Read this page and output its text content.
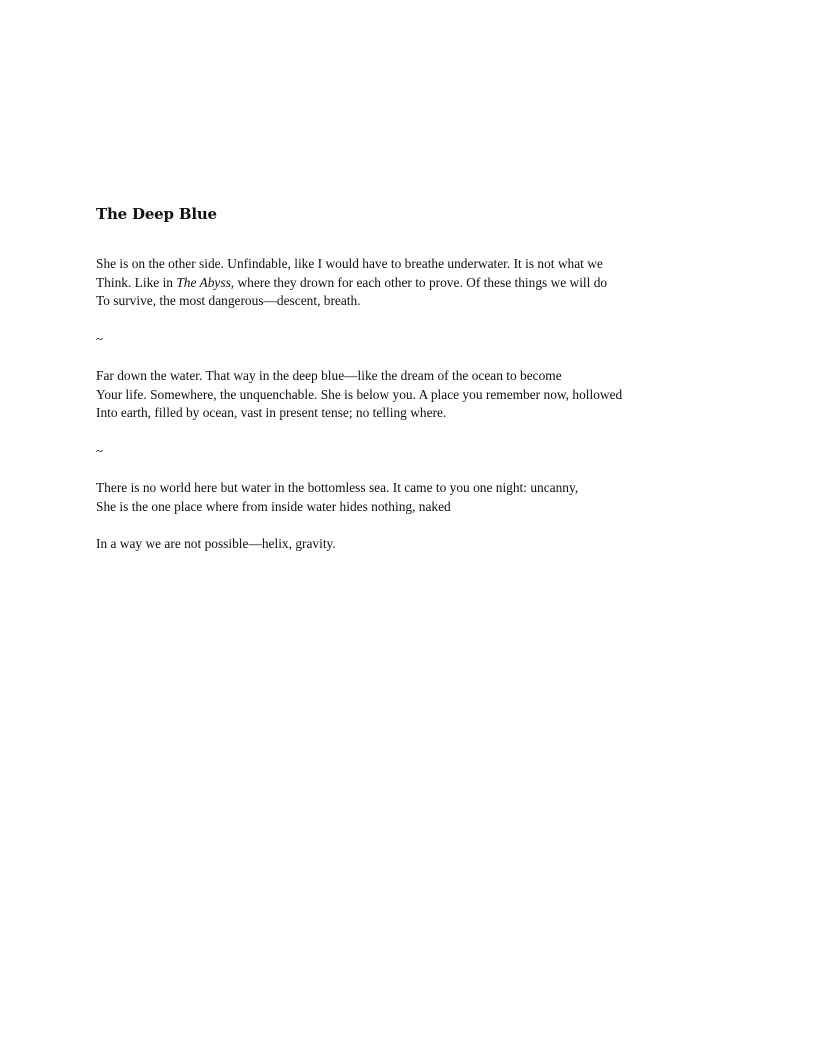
The Deep Blue
She is on the other side. Unfindable, like I would have to breathe underwater. It is not what we
Think. Like in The Abyss, where they drown for each other to prove. Of these things we will do
To survive, the most dangerous—descent, breath.
~
Far down the water. That way in the deep blue—like the dream of the ocean to become
Your life. Somewhere, the unquenchable. She is below you. A place you remember now, hollowed
Into earth, filled by ocean, vast in present tense; no telling where.
~
There is no world here but water in the bottomless sea. It came to you one night: uncanny,
She is the one place where from inside water hides nothing, naked
In a way we are not possible—helix, gravity.
